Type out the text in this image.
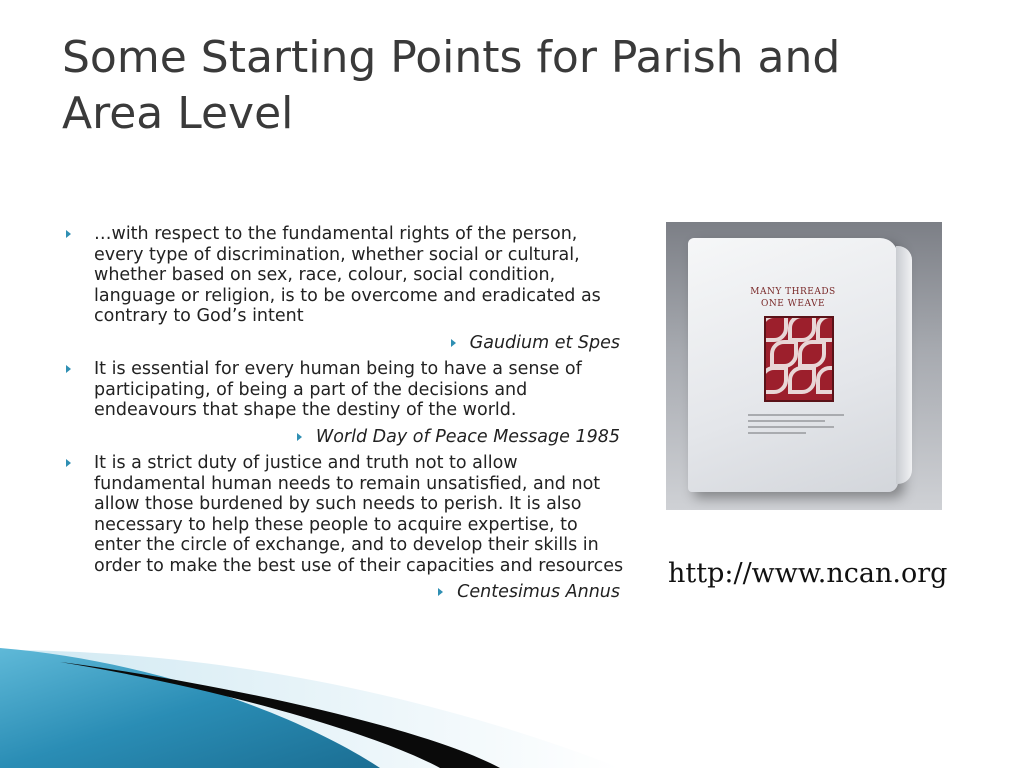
Some Starting Points for Parish and Area Level
…with respect to the fundamental rights of the person, every type of discrimination, whether social or cultural, whether based on sex, race, colour, social condition, language or religion, is to be overcome and eradicated as contrary to God’s intent
Gaudium et Spes
It is essential for every human being to have a sense of participating, of being a part of the decisions and endeavours that shape the destiny of the world.
World Day of Peace Message 1985
It is a strict duty of justice and truth not to allow fundamental human needs to remain unsatisfied, and not allow those burdened by such needs to perish. It is also necessary to help these people to acquire expertise, to enter the circle of exchange, and to develop their skills in order to make the best use of their capacities and resources
Centesimus Annus
MANY THREADS
ONE WEAVE
http://www.ncan.org
